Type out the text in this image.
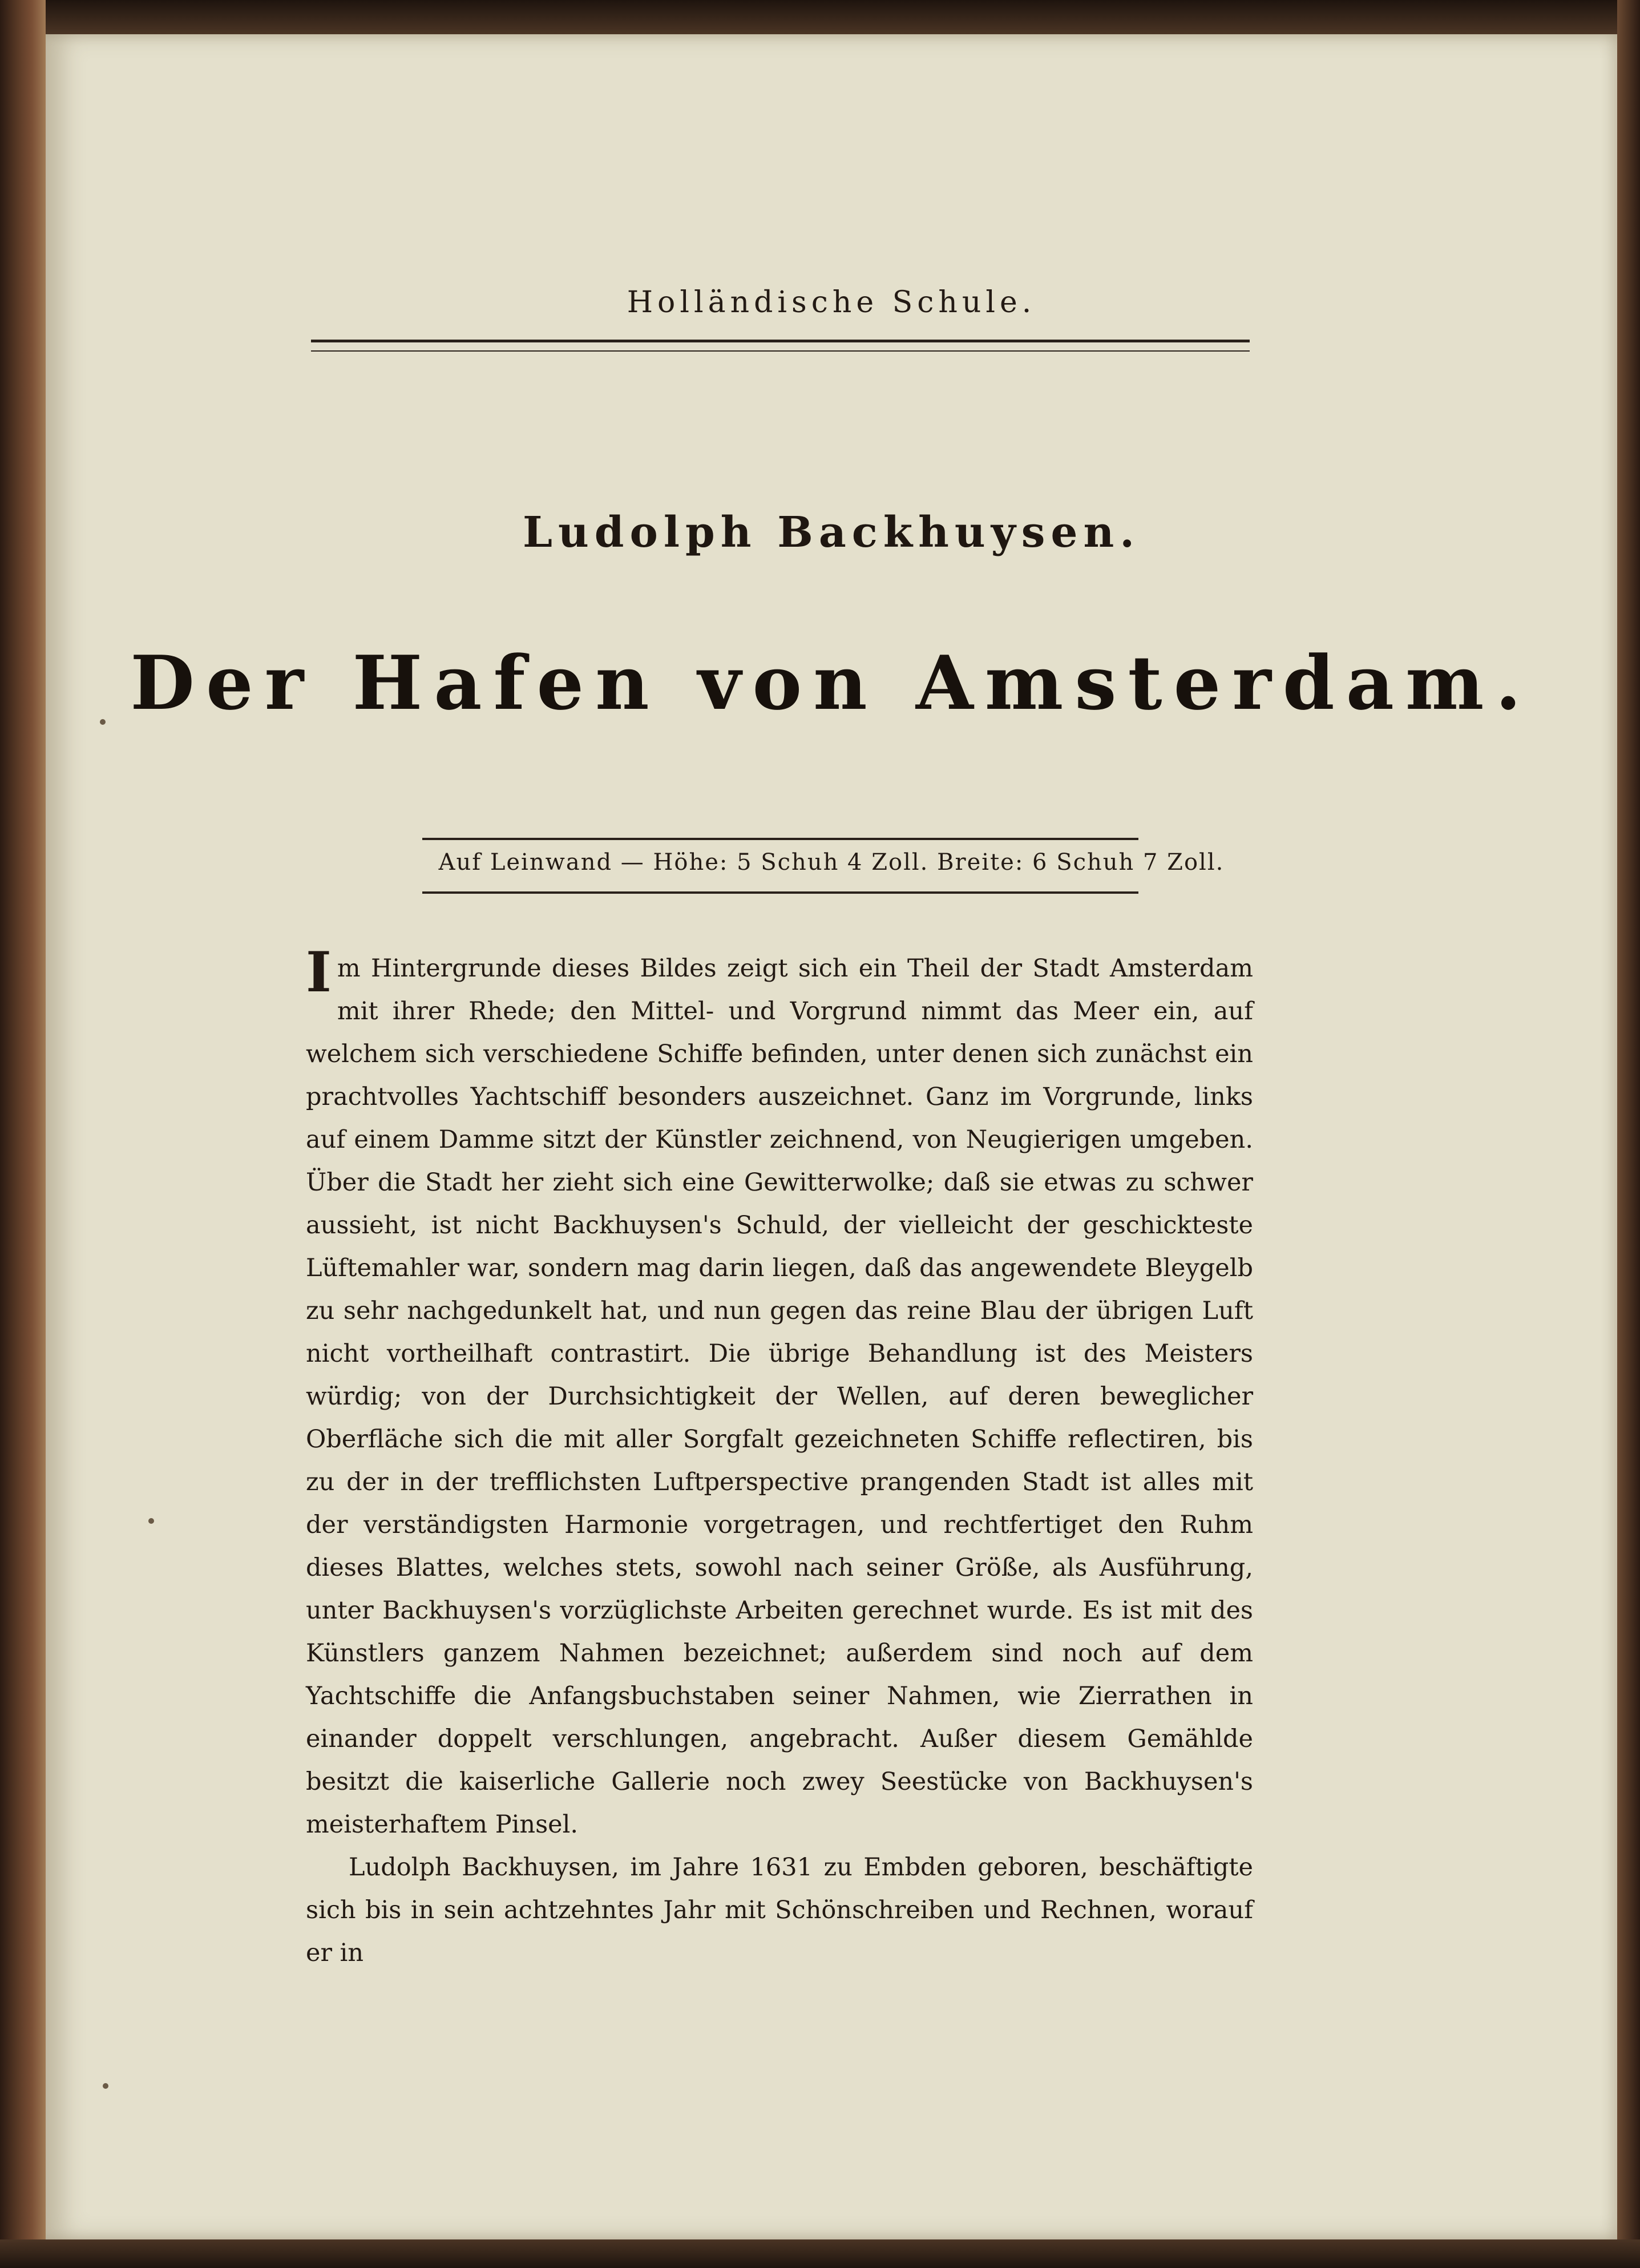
Holländische Schule.
Ludolph Backhuysen.
Der Hafen von Amsterdam.
Auf Leinwand — Höhe: 5 Schuh 4 Zoll. Breite: 6 Schuh 7 Zoll.

Im Hintergrunde dieses Bildes zeigt sich ein Theil der Stadt Amsterdam mit ihrer Rhede; den Mittel- und Vorgrund nimmt das Meer ein, auf welchem sich verschiedene Schiffe befinden, unter denen sich zunächst ein prachtvolles Yachtschiff besonders auszeichnet. Ganz im Vorgrunde, links auf einem Damme sitzt der Künstler zeichnend, von Neugierigen umgeben. Über die Stadt her zieht sich eine Gewitterwolke; daß sie etwas zu schwer aussieht, ist nicht Backhuysen's Schuld, der vielleicht der geschickteste Lüftemahler war, sondern mag darin liegen, daß das angewendete Bleygelb zu sehr nachgedunkelt hat, und nun gegen das reine Blau der übrigen Luft nicht vortheilhaft contrastirt. Die übrige Behandlung ist des Meisters würdig; von der Durchsichtigkeit der Wellen, auf deren beweglicher Oberfläche sich die mit aller Sorgfalt gezeichneten Schiffe reflectiren, bis zu der in der trefflichsten Luftperspective prangenden Stadt ist alles mit der verständigsten Harmonie vorgetragen, und rechtfertiget den Ruhm dieses Blattes, welches stets, sowohl nach seiner Größe, als Ausführung, unter Backhuysen's vorzüglichste Arbeiten gerechnet wurde. Es ist mit des Künstlers ganzem Nahmen bezeichnet; außerdem sind noch auf dem Yachtschiffe die Anfangsbuchstaben seiner Nahmen, wie Zierrathen in einander doppelt verschlungen, angebracht. Außer diesem Gemählde besitzt die kaiserliche Gallerie noch zwey Seestücke von Backhuysen's meisterhaftem Pinsel.

Ludolph Backhuysen, im Jahre 1631 zu Embden geboren, beschäftigte sich bis in sein achtzehntes Jahr mit Schönschreiben und Rechnen, worauf er in
